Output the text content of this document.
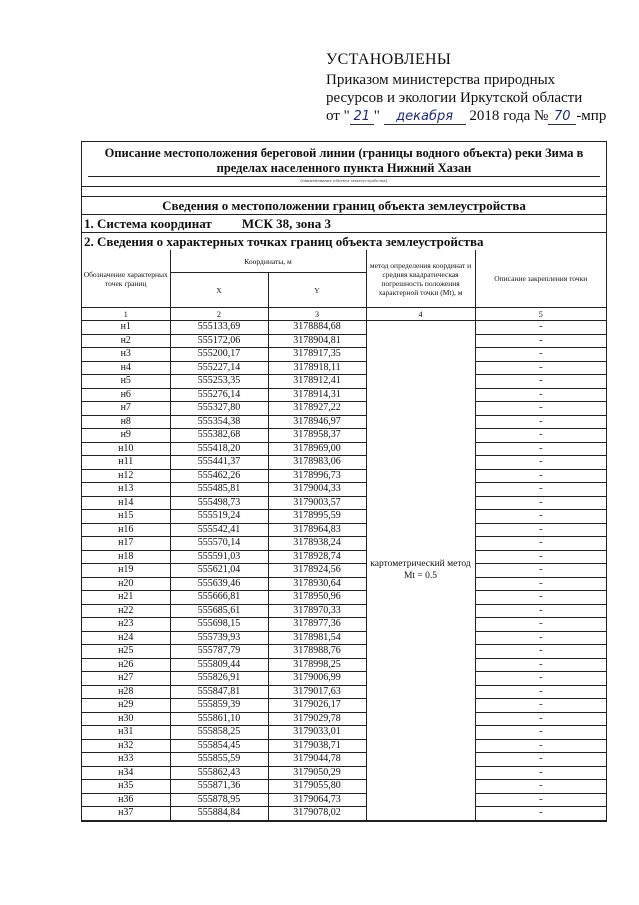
УСТАНОВЛЕНЫ
Приказом министерства природных
ресурсов и экологии Иркутской области
от " 21 " декабря 2018 года № 70 -мпр
Описание местоположения береговой линии (границы водного объекта) реки Зима в пределах населенного пункта Нижний Хазан
(наименование объекта землеустройства)
Сведения о местоположении границ объекта землеустройства
1. Система координат МСК 38, зона 3
2. Сведения о характерных точках границ объекта землеустройства
Обозначение характерных точек границ	Координаты, м		метод определения координат и средняя квадратическая погрешность положения характерной точки (Mt), м	Описание закрепления точки
	X	Y		
1	2	3	4	5
н1	555133,69	3178884,68	картометрический метод Mt = 0.5	-
н2	555172,06	3178904,81		-
н3	555200,17	3178917,35		-
н4	555227,14	3178918,11		-
н5	555253,35	3178912,41		-
н6	555276,14	3178914,31		-
н7	555327,80	3178927,22		-
н8	555354,38	3178946,97		-
н9	555382,68	3178958,37		-
н10	555418,20	3178969,00		-
н11	555441,37	3178983,06		-
н12	555462,26	3178996,73		-
н13	555485,81	3179004,33		-
н14	555498,73	3179003,57		-
н15	555519,24	3178995,59		-
н16	555542,41	3178964,83		-
н17	555570,14	3178938,24		-
н18	555591,03	3178928,74		-
н19	555621,04	3178924,56		-
н20	555639,46	3178930,64		-
н21	555666,81	3178950,96		-
н22	555685,61	3178970,33		-
н23	555698,15	3178977,36		-
н24	555739,93	3178981,54		-
н25	555787,79	3178988,76		-
н26	555809,44	3178998,25		-
н27	555826,91	3179006,99		-
н28	555847,81	3179017,63		-
н29	555859,39	3179026,17		-
н30	555861,10	3179029,78		-
н31	555858,25	3179033,01		-
н32	555854,45	3179038,71		-
н33	555855,59	3179044,78		-
н34	555862,43	3179050,29		-
н35	555871,36	3179055,80		-
н36	555878,95	3179064,73		-
н37	555884,84	3179078,02		-
